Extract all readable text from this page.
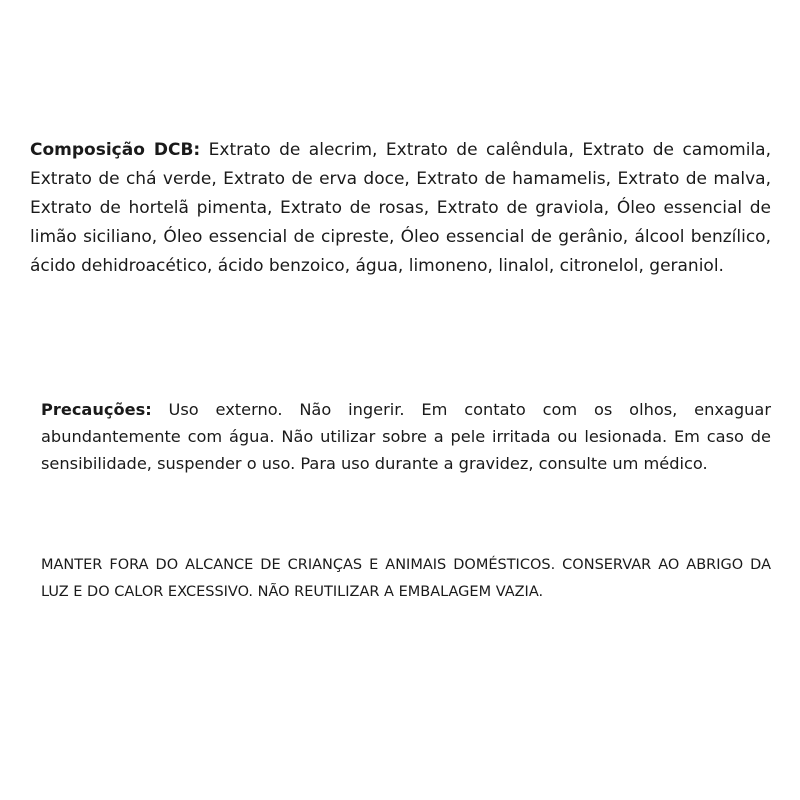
Composição DCB: Extrato de alecrim, Extrato de calêndula, Extrato de camomila, Extrato de chá verde, Extrato de erva doce, Extrato de hamamelis, Extrato de malva, Extrato de hortelã pimenta, Extrato de rosas, Extrato de graviola, Óleo essencial de limão siciliano, Óleo essencial de cipreste, Óleo essencial de gerânio, álcool benzílico, ácido dehidroacético, ácido benzoico, água, limoneno, linalol, citronelol, geraniol.

Precauções: Uso externo. Não ingerir. Em contato com os olhos, enxaguar abundantemente com água. Não utilizar sobre a pele irritada ou lesionada. Em caso de sensibilidade, suspender o uso. Para uso durante a gravidez, consulte um médico.

MANTER FORA DO ALCANCE DE CRIANÇAS E ANIMAIS DOMÉSTICOS. CONSERVAR AO ABRIGO DA LUZ E DO CALOR EXCESSIVO. NÃO REUTILIZAR A EMBALAGEM VAZIA.
